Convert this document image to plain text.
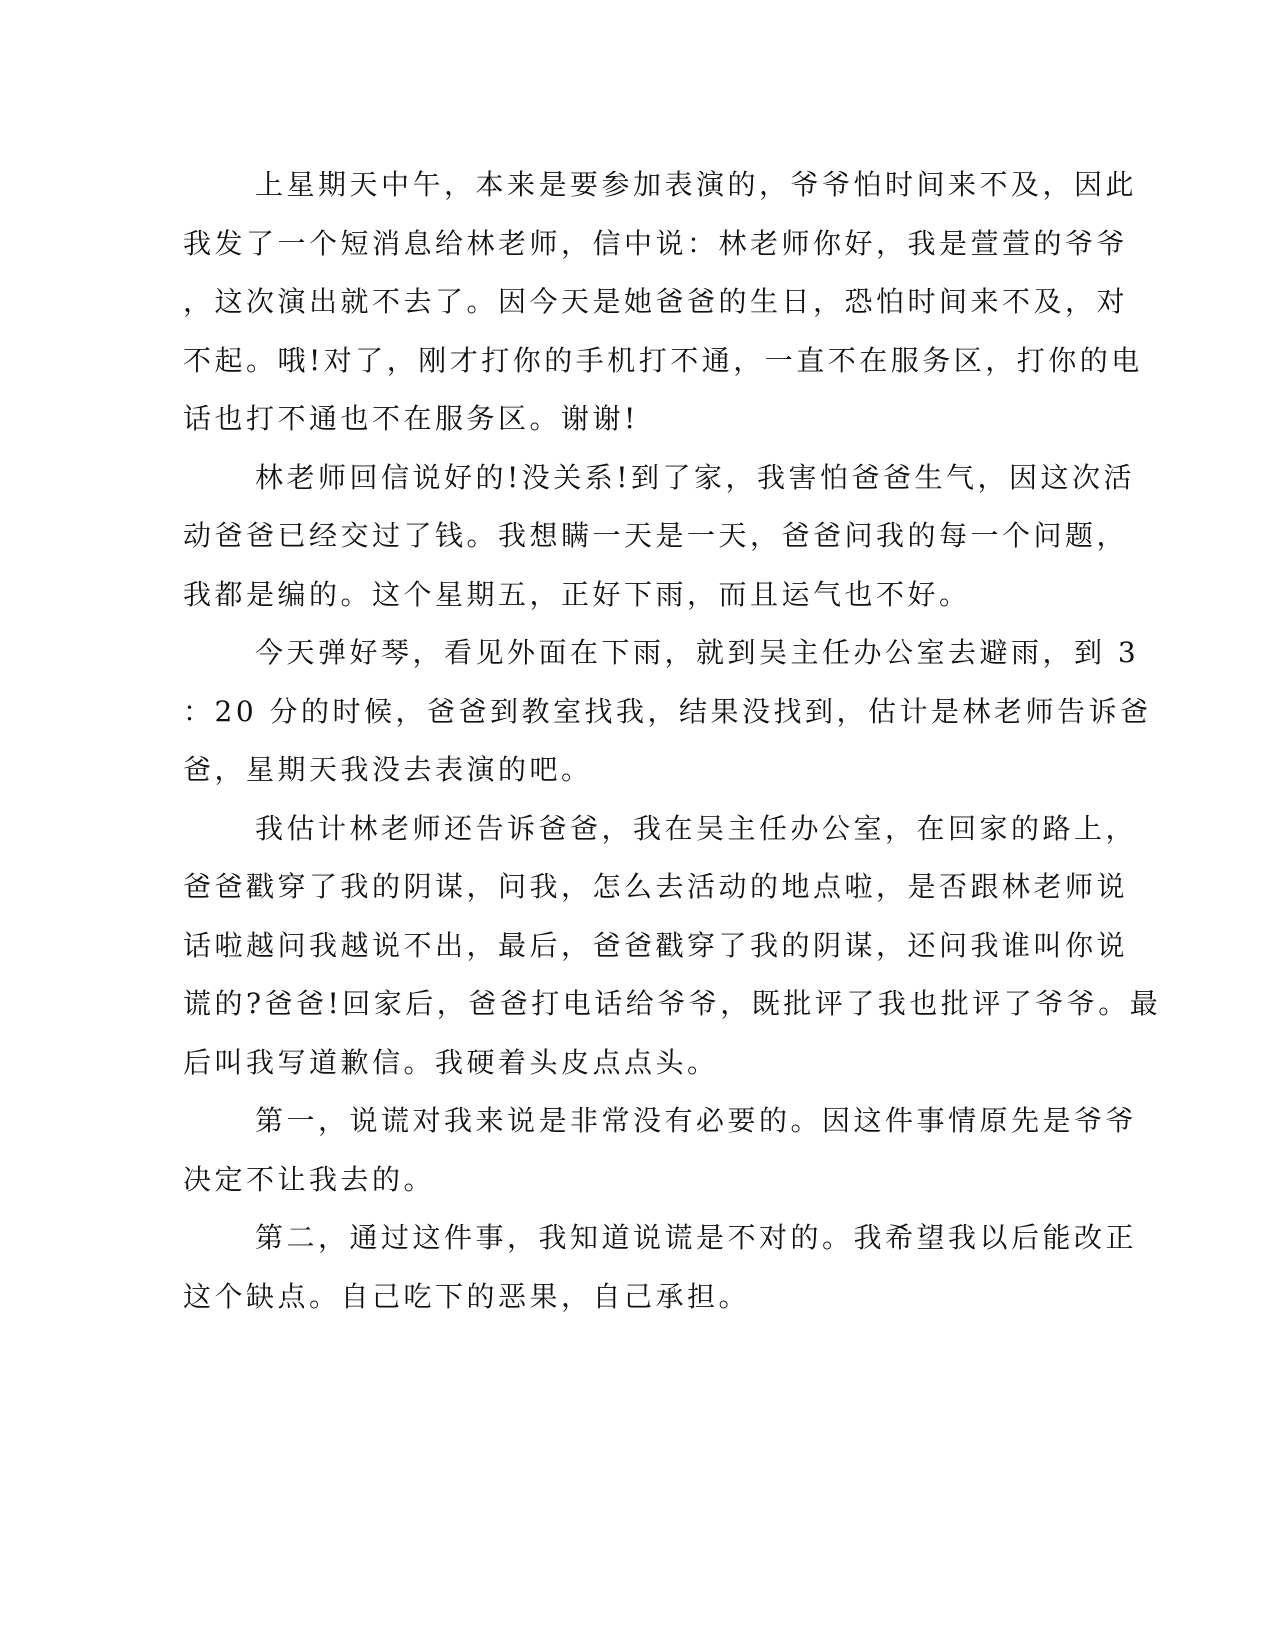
上星期天中午，本来是要参加表演的，爷爷怕时间来不及，因此
我发了一个短消息给林老师，信中说：林老师你好，我是萱萱的爷爷
，这次演出就不去了。因今天是她爸爸的生日，恐怕时间来不及，对
不起。哦!对了，刚才打你的手机打不通，一直不在服务区，打你的电
话也打不通也不在服务区。谢谢!
林老师回信说好的!没关系!到了家，我害怕爸爸生气，因这次活
动爸爸已经交过了钱。我想瞒一天是一天，爸爸问我的每一个问题，
我都是编的。这个星期五，正好下雨，而且运气也不好。
今天弹好琴，看见外面在下雨，就到吴主任办公室去避雨，到 3
：20 分的时候，爸爸到教室找我，结果没找到，估计是林老师告诉爸
爸，星期天我没去表演的吧。
我估计林老师还告诉爸爸，我在吴主任办公室，在回家的路上，
爸爸戳穿了我的阴谋，问我，怎么去活动的地点啦，是否跟林老师说
话啦越问我越说不出，最后，爸爸戳穿了我的阴谋，还问我谁叫你说
谎的?爸爸!回家后，爸爸打电话给爷爷，既批评了我也批评了爷爷。最
后叫我写道歉信。我硬着头皮点点头。
第一，说谎对我来说是非常没有必要的。因这件事情原先是爷爷
决定不让我去的。
第二，通过这件事，我知道说谎是不对的。我希望我以后能改正
这个缺点。自己吃下的恶果，自己承担。
